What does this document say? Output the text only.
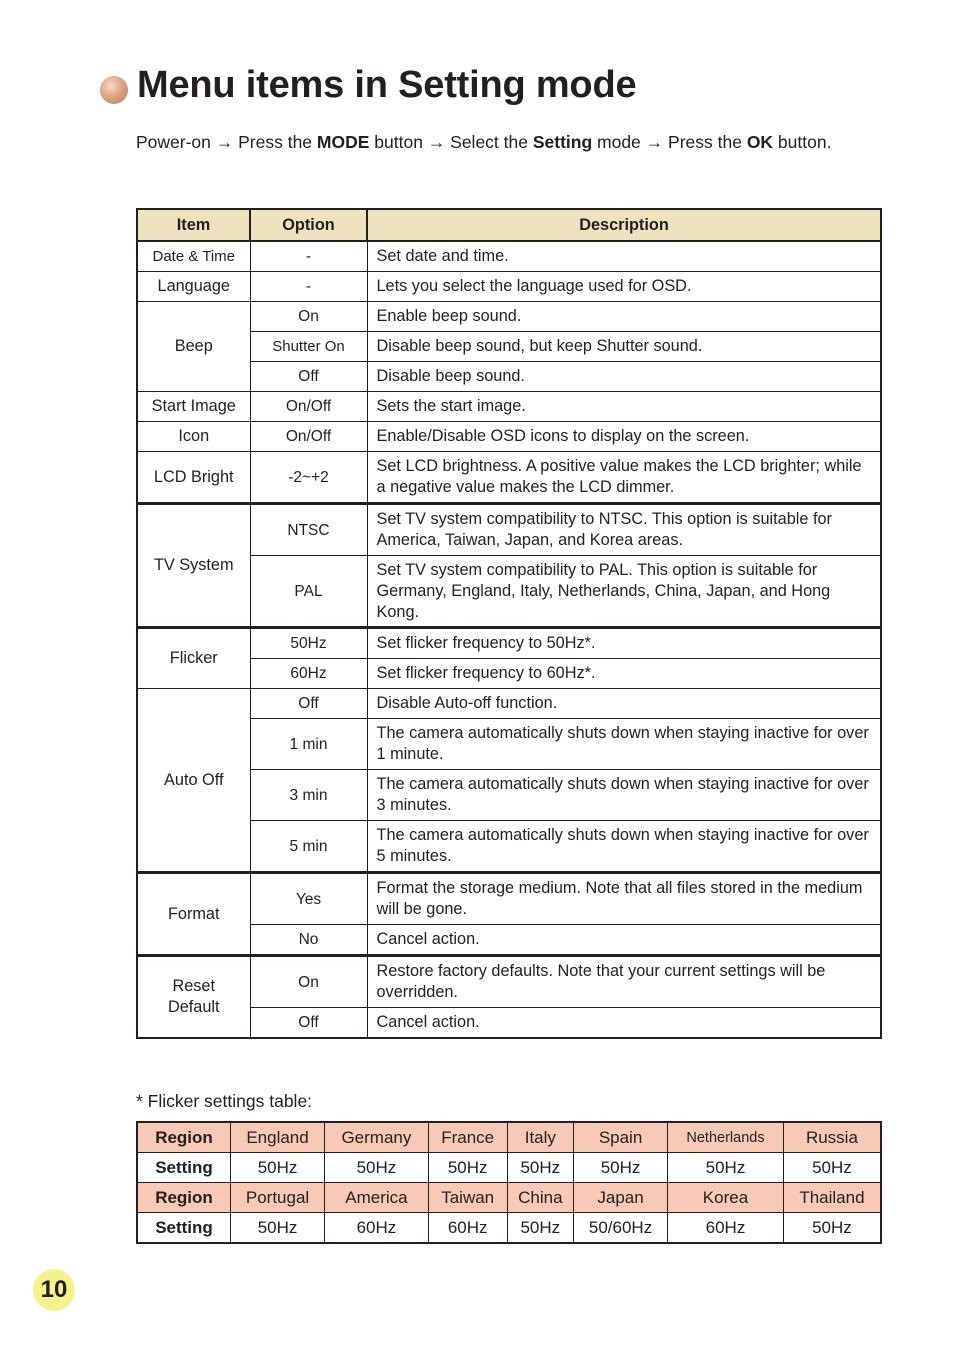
Menu items in Setting mode

Power-on → Press the MODE button → Select the Setting mode → Press the OK button.

Item	Option	Description
Date & Time	-	Set date and time.
Language	-	Lets you select the language used for OSD.
Beep	On	Enable beep sound.
	Shutter On	Disable beep sound, but keep Shutter sound.
	Off	Disable beep sound.
Start Image	On/Off	Sets the start image.
Icon	On/Off	Enable/Disable OSD icons to display on the screen.
LCD Bright	-2~+2	Set LCD brightness. A positive value makes the LCD brighter; while a negative value makes the LCD dimmer.
TV System	NTSC	Set TV system compatibility to NTSC. This option is suitable for America, Taiwan, Japan, and Korea areas.
	PAL	Set TV system compatibility to PAL. This option is suitable for Germany, England, Italy, Netherlands, China, Japan, and Hong Kong.
Flicker	50Hz	Set flicker frequency to 50Hz*.
	60Hz	Set flicker frequency to 60Hz*.
Auto Off	Off	Disable Auto-off function.
	1 min	The camera automatically shuts down when staying inactive for over 1 minute.
	3 min	The camera automatically shuts down when staying inactive for over 3 minutes.
	5 min	The camera automatically shuts down when staying inactive for over 5 minutes.
Format	Yes	Format the storage medium. Note that all files stored in the medium will be gone.
	No	Cancel action.
Reset Default	On	Restore factory defaults. Note that your current settings will be overridden.
	Off	Cancel action.

* Flicker settings table:

Region	England	Germany	France	Italy	Spain	Netherlands	Russia
Setting	50Hz	50Hz	50Hz	50Hz	50Hz	50Hz	50Hz
Region	Portugal	America	Taiwan	China	Japan	Korea	Thailand
Setting	50Hz	60Hz	60Hz	50Hz	50/60Hz	60Hz	50Hz
10
